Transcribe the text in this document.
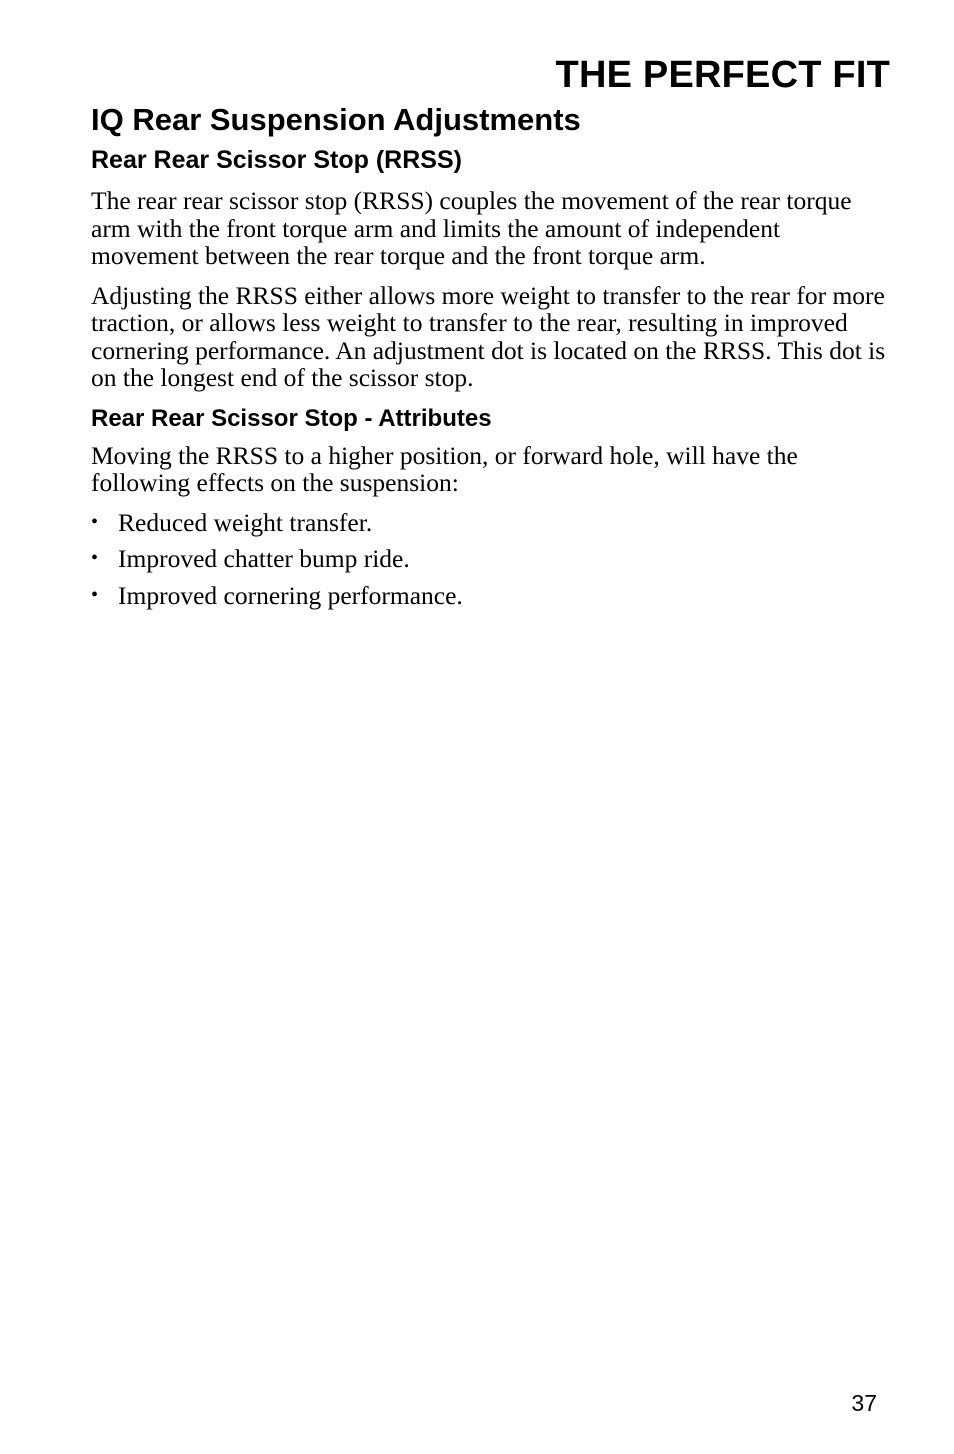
THE PERFECT FIT
IQ Rear Suspension Adjustments
Rear Rear Scissor Stop (RRSS)

The rear rear scissor stop (RRSS) couples the movement of the rear torque arm with the front torque arm and limits the amount of independent movement between the rear torque and the front torque arm.

Adjusting the RRSS either allows more weight to transfer to the rear for more traction, or allows less weight to transfer to the rear, resulting in improved cornering performance. An adjustment dot is located on the RRSS. This dot is on the longest end of the scissor stop.

Rear Rear Scissor Stop - Attributes

Moving the RRSS to a higher position, or forward hole, will have the following effects on the suspension:

• Reduced weight transfer.
• Improved chatter bump ride.
• Improved cornering performance.
37
